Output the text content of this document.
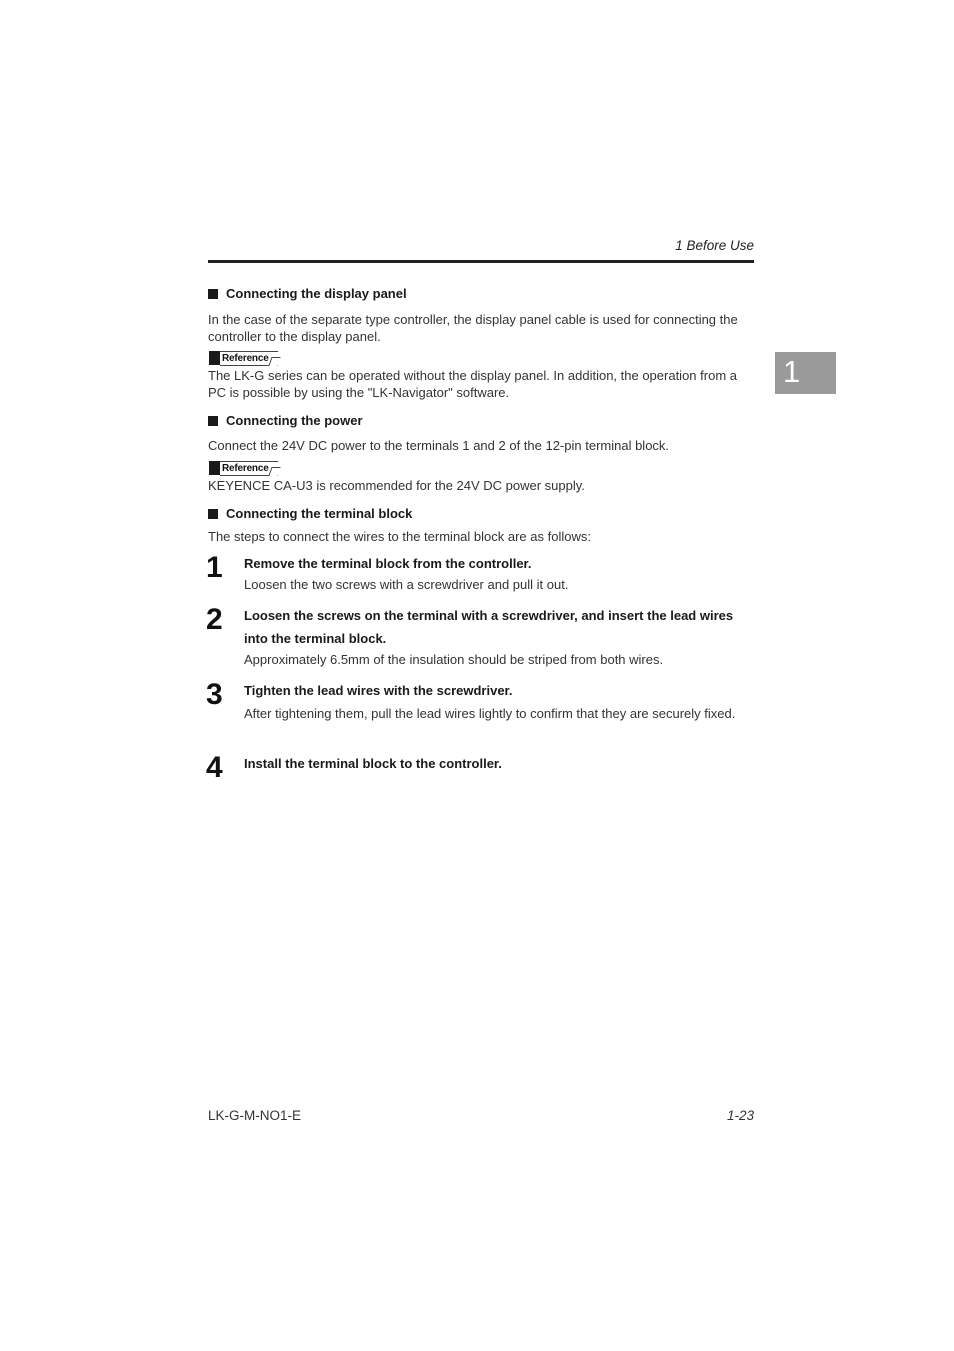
1 Before Use
1
Connecting the display panel
In the case of the separate type controller, the display panel cable is used for connecting the controller to the display panel.
Reference
The LK-G series can be operated without the display panel. In addition, the operation from a PC is possible by using the "LK-Navigator" software.
Connecting the power
Connect the 24V DC power to the terminals 1 and 2 of the 12-pin terminal block.
Reference
KEYENCE CA-U3 is recommended for the 24V DC power supply.
Connecting the terminal block
The steps to connect the wires to the terminal block are as follows:
1 Remove the terminal block from the controller.
Loosen the two screws with a screwdriver and pull it out.
2 Loosen the screws on the terminal with a screwdriver, and insert the lead wires into the terminal block.
Approximately 6.5mm of the insulation should be striped from both wires.
3 Tighten the lead wires with the screwdriver.
After tightening them, pull the lead wires lightly to confirm that they are securely fixed.
4 Install the terminal block to the controller.
LK-G-M-NO1-E	1-23
